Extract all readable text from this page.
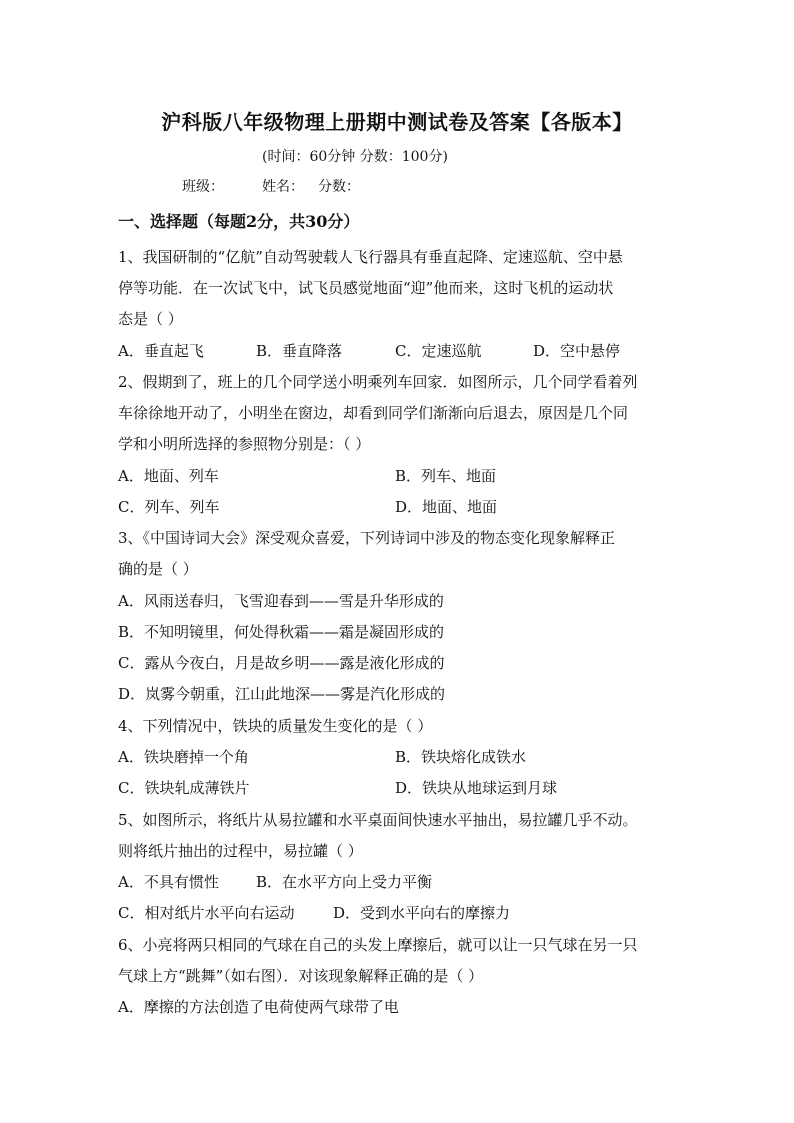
沪科版八年级物理上册期中测试卷及答案【各版本】
(时间：60分钟 分数：100分)
班级：	姓名： 分数：
一、选择题（每题2分，共30分）
1、我国研制的“亿航”自动驾驶载人飞行器具有垂直起降、定速巡航、空中悬
停等功能．在一次试飞中，试飞员感觉地面“迎”他而来，这时飞机的运动状
态是（ ）
A．垂直起飞	B．垂直降落	C．定速巡航	D．空中悬停
2、假期到了，班上的几个同学送小明乘列车回家．如图所示，几个同学看着列
车徐徐地开动了，小明坐在窗边，却看到同学们渐渐向后退去，原因是几个同
学和小明所选择的参照物分别是：（ ）
A．地面、列车	B．列车、地面
C．列车、列车	D．地面、地面
3、《中国诗词大会》深受观众喜爱，下列诗词中涉及的物态变化现象解释正
确的是（ ）
A．风雨送春归，飞雪迎春到——雪是升华形成的
B．不知明镜里，何处得秋霜——霜是凝固形成的
C．露从今夜白，月是故乡明——露是液化形成的
D．岚雾今朝重，江山此地深——雾是汽化形成的
4、下列情况中，铁块的质量发生变化的是（ ）
A．铁块磨掉一个角	B．铁块熔化成铁水
C．铁块轧成薄铁片	D．铁块从地球运到月球
5、如图所示，将纸片从易拉罐和水平桌面间快速水平抽出，易拉罐几乎不动。
则将纸片抽出的过程中，易拉罐（ ）
A．不具有惯性 B．在水平方向上受力平衡
C．相对纸片水平向右运动	D．受到水平向右的摩擦力
6、小亮将两只相同的气球在自己的头发上摩擦后，就可以让一只气球在另一只
气球上方“跳舞”（如右图）．对该现象解释正确的是（ ）
A．摩擦的方法创造了电荷使两气球带了电
